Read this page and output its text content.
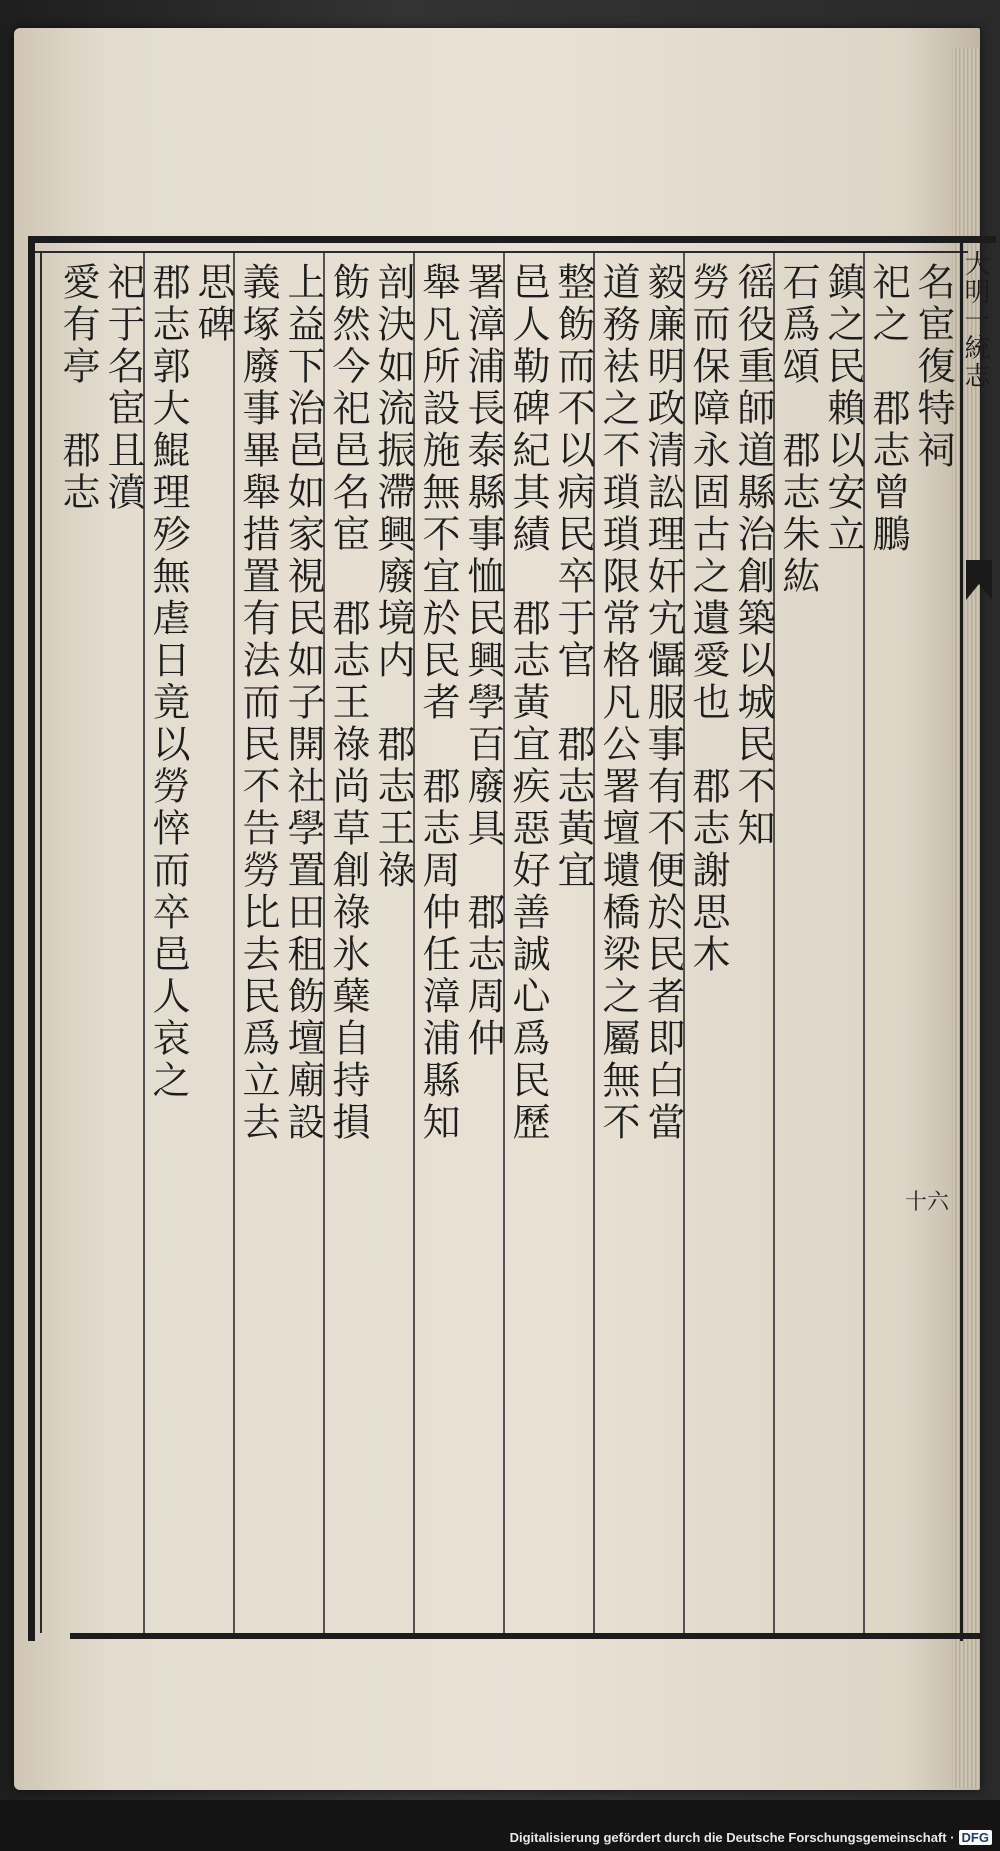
大明一統志
十六
名宦復特祠
祀之　郡志曾鵬
鎮之民賴以安立
石爲頌　郡志朱紘
徭役重師道縣治創築以城民不知
勞而保障永固古之遺愛也　郡志謝思木
毅廉明政清訟理奸宄懾服事有不便於民者即白當
道務袪之不瑣瑣限常格凡公署壇壝橋梁之屬無不
整飭而不以病民卒于官　郡志黃宜
邑人勒碑紀其績　郡志黃宜疾惡好善誠心爲民歷
署漳浦長泰縣事恤民興學百廢具　郡志周仲
舉凡所設施無不宜於民者　郡志周仲任漳浦縣知
剖決如流振滯興廢境内　郡志王祿
飭然今祀邑名宦　郡志王祿尚草創祿氷蘖自持損
上益下治邑如家視民如子開社學置田租飭壇廟設
義塚廢事畢舉措置有法而民不告勞比去民爲立去
思碑
郡志郭大鯤理殄無虐日竟以勞悴而卒邑人哀之
祀于名宦且濆
愛有亭　郡志
Digitalisierung gefördert durch die Deutsche Forschungsgemeinschaft · DFG
